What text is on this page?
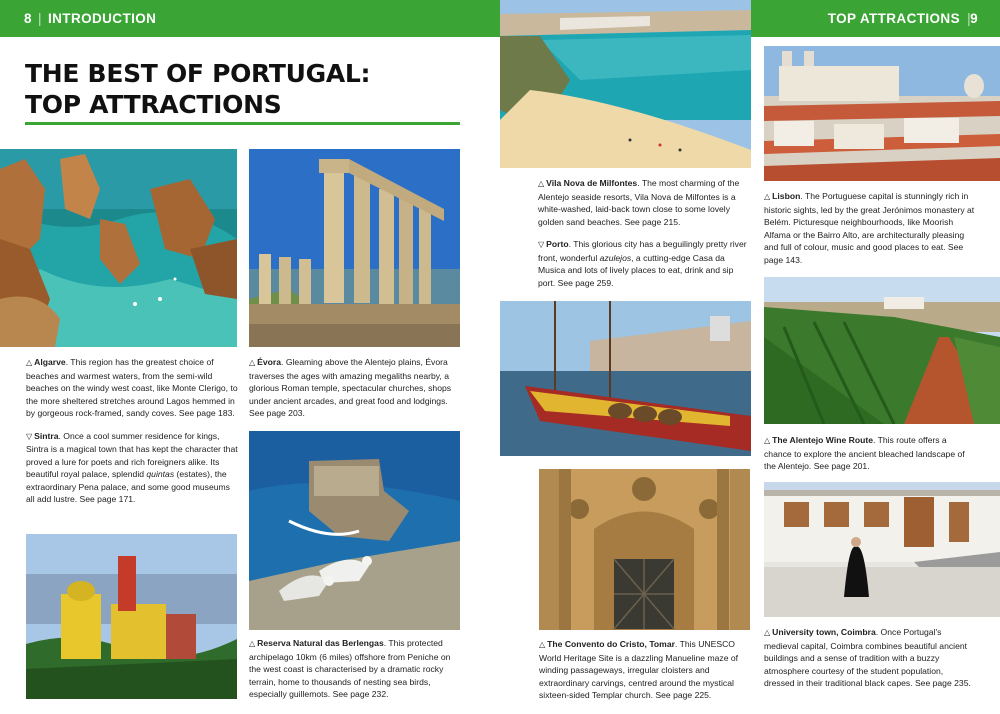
8 | INTRODUCTION
THE BEST OF PORTUGAL:
TOP ATTRACTIONS

△ Algarve. This region has the greatest choice of beaches and warmest waters, from the semi-wild beaches on the windy west coast, like Monte Clerigo, to the more sheltered stretches around Lagos hemmed in by gorgeous rock-framed, sandy coves. See page 183.

▽ Sintra. Once a cool summer residence for kings, Sintra is a magical town that has kept the character that proved a lure for poets and rich foreigners alike. Its beautiful royal palace, splendid quintas (estates), the extraordinary Pena palace, and some good museums all add lustre. See page 171.

△ Évora. Gleaming above the Alentejo plains, Évora traverses the ages with amazing megaliths nearby, a glorious Roman temple, spectacular churches, shops under ancient arcades, and great food and lodgings. See page 203.

△ Reserva Natural das Berlengas. This protected archipelago 10km (6 miles) offshore from Peniche on the west coast is characterised by a dramatic rocky terrain, home to thousands of nesting sea birds, especially guillemots. See page 232.

TOP ATTRACTIONS | 9

△ Vila Nova de Milfontes. The most charming of the Alentejo seaside resorts, Vila Nova de Milfontes is a white-washed, laid-back town close to some lovely golden sand beaches. See page 215.

▽ Porto. This glorious city has a beguilingly pretty river front, wonderful azulejos, a cutting-edge Casa da Musica and lots of lively places to eat, drink and sip port. See page 259.

△ The Convento do Cristo, Tomar. This UNESCO World Heritage Site is a dazzling Manueline maze of winding passageways, irregular cloisters and extraordinary carvings, centred around the mystical sixteen-sided Templar church. See page 225.

△ Lisbon. The Portuguese capital is stunningly rich in historic sights, led by the great Jerónimos monastery at Belém. Picturesque neighbourhoods, like Moorish Alfama or the Bairro Alto, are architecturally pleasing and full of colour, music and good places to eat. See page 143.

△ The Alentejo Wine Route. This route offers a chance to explore the ancient bleached landscape of the Alentejo. See page 201.

△ University town, Coimbra. Once Portugal's medieval capital, Coimbra combines beautiful ancient buildings and a sense of tradition with a buzzy atmosphere courtesy of the student population, dressed in their traditional black capes. See page 235.
